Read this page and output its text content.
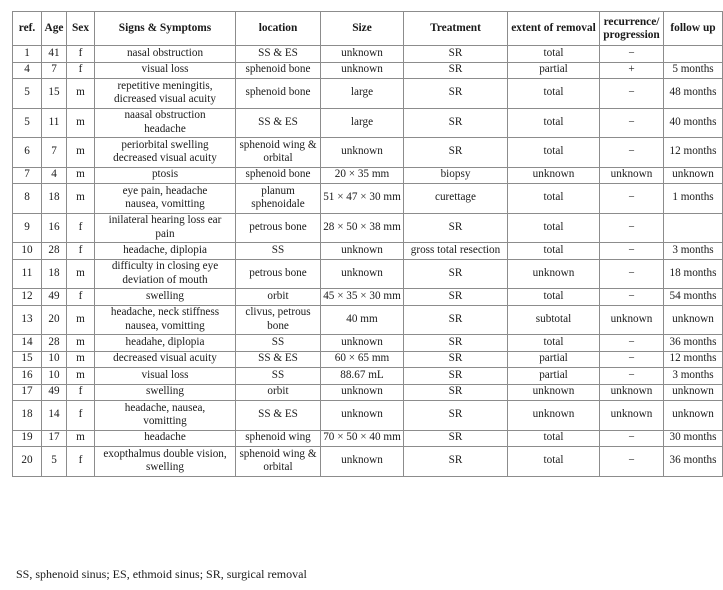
ref.	Age	Sex	Signs & Symptoms	location	Size	Treatment	extent of removal	recurrence/ progression	follow up
1	41	f	nasal obstruction	SS & ES	unknown	SR	total	−	
4	7	f	visual loss	sphenoid bone	unknown	SR	partial	+	5 months
5	15	m	repetitive meningitis, dicreased visual acuity	sphenoid bone	large	SR	total	−	48 months
5	11	m	naasal obstruction headache	SS & ES	large	SR	total	−	40 months
6	7	m	periorbital swelling decreased visual acuity	sphenoid wing & orbital	unknown	SR	total	−	12 months
7	4	m	ptosis	sphenoid bone	20 × 35 mm	biopsy	unknown	unknown	unknown
8	18	m	eye pain, headache nausea, vomitting	planum sphenoidale	51 × 47 × 30 mm	curettage	total	−	1 months
9	16	f	inilateral hearing loss ear pain	petrous bone	28 × 50 × 38 mm	SR	total	−	
10	28	f	headache, diplopia	SS	unknown	gross total resection	total	−	3 months
11	18	m	difficulty in closing eye deviation of mouth	petrous bone	unknown	SR	unknown	−	18 months
12	49	f	swelling	orbit	45 × 35 × 30 mm	SR	total	−	54 months
13	20	m	headache, neck stiffness nausea, vomitting	clivus, petrous bone	40 mm	SR	subtotal	unknown	unknown
14	28	m	headahe, diplopia	SS	unknown	SR	total	−	36 months
15	10	m	decreased visual acuity	SS & ES	60 × 65 mm	SR	partial	−	12 months
16	10	m	visual loss	SS	88.67 mL	SR	partial	−	3 months
17	49	f	swelling	orbit	unknown	SR	unknown	unknown	unknown
18	14	f	headache, nausea, vomitting	SS & ES	unknown	SR	unknown	unknown	unknown
19	17	m	headache	sphenoid wing	70 × 50 × 40 mm	SR	total	−	30 months
20	5	f	exopthalmus double vision, swelling	sphenoid wing & orbital	unknown	SR	total	−	36 months
SS, sphenoid sinus; ES, ethmoid sinus; SR, surgical removal
